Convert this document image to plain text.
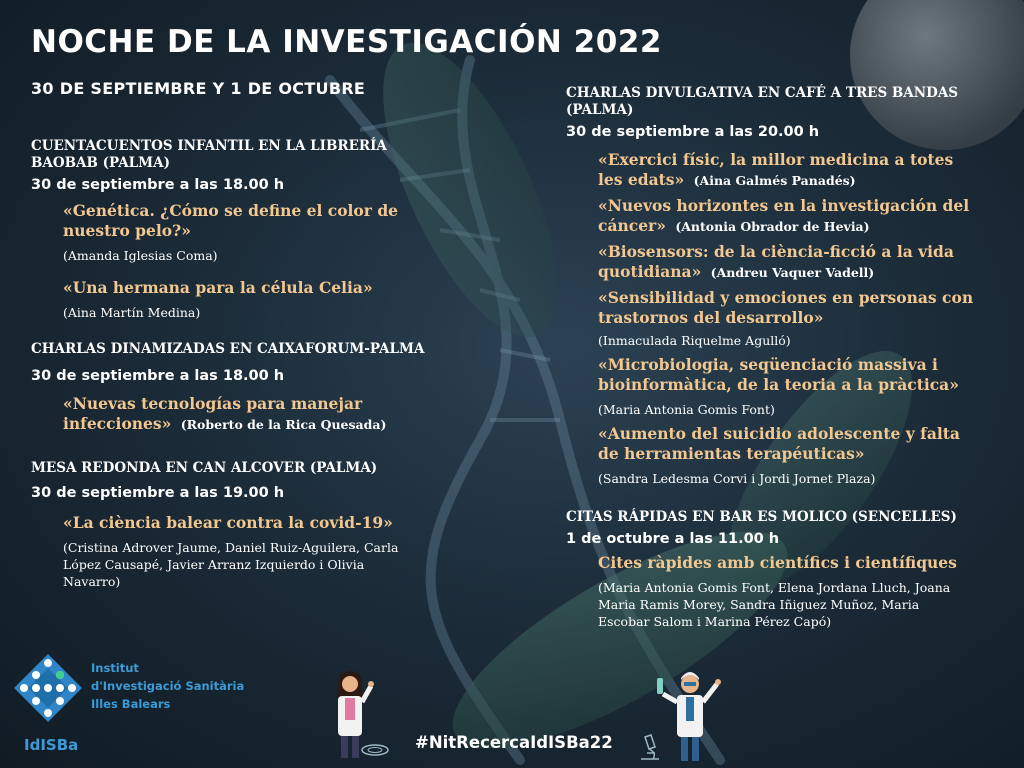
NOCHE DE LA INVESTIGACIÓN 2022
30 DE SEPTIEMBRE Y 1 DE OCTUBRE
CUENTACUENTOS INFANTIL EN LA LIBRERÍA BAOBAB (PALMA)
30 de septiembre a las 18.00 h
«Genética. ¿Cómo se define el color de nuestro pelo?»
(Amanda Iglesias Coma)
«Una hermana para la célula Celia»
(Aina Martín Medina)
CHARLAS DINAMIZADAS EN CAIXAFORUM-PALMA
30 de septiembre a las 18.00 h
«Nuevas tecnologías para manejar infecciones» (Roberto de la Rica Quesada)
MESA REDONDA EN CAN ALCOVER (PALMA)
30 de septiembre a las 19.00 h
«La ciència balear contra la covid-19»
(Cristina Adrover Jaume, Daniel Ruiz-Aguilera, Carla López Causapé, Javier Arranz Izquierdo i Olivia Navarro)
CHARLAS DIVULGATIVA EN CAFÉ A TRES BANDAS (PALMA)
30 de septiembre a las 20.00 h
«Exercici físic, la millor medicina a totes les edats» (Aina Galmés Panadés)
«Nuevos horizontes en la investigación del cáncer» (Antonia Obrador de Hevia)
«Biosensors: de la ciència-ficció a la vida quotidiana» (Andreu Vaquer Vadell)
«Sensibilidad y emociones en personas con trastornos del desarrollo»
(Inmaculada Riquelme Agulló)
«Microbiologia, seqüenciació massiva i bioinformàtica, de la teoria a la pràctica»
(Maria Antonia Gomis Font)
«Aumento del suicidio adolescente y falta de herramientas terapéuticas»
(Sandra Ledesma Corvi i Jordi Jornet Plaza)
CITAS RÁPIDAS EN BAR ES MOLICO (SENCELLES)
1 de octubre a las 11.00 h
Cites ràpides amb científics i científiques
(Maria Antonia Gomis Font, Elena Jordana Lluch, Joana Maria Ramis Morey, Sandra Iñiguez Muñoz, Maria Escobar Salom i Marina Pérez Capó)
Institut
d'Investigació Sanitària
Illes Balears
IdISBa	#NitRecercaIdISBa22
